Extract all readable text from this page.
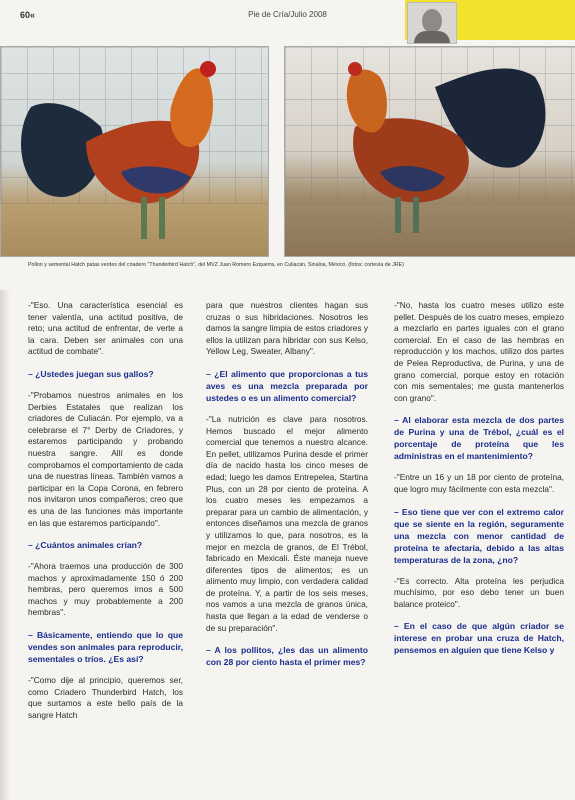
60«	Pie de Cría/Julio 2008
Pollon y semental Hatch patas verdes del criadero "Thunderbird Hatch", del MVZ Juan Romero Ezquerra, en Culiacán, Sinaloa, México. (fotos: cortesía de JRE)

-"Eso. Una característica esencial es tener valentía, una actitud positiva, de reto; una actitud de enfrentar, de verte a la cara. Deben ser animales con una actitud de combate".

– ¿Ustedes juegan sus gallos?

-"Probamos nuestros animales en los Derbies Estatales que realizan los criadores de Culiacán. Por ejemplo, va a celebrarse el 7° Derby de Criadores, y estaremos participando y probando nuestra sangre. Allí es donde comprobamos el comportamiento de cada una de nuestras líneas. También vamos a participar en la Copa Corona, en febrero nos invitaron unos compañeros; creo que es una de las funciones más importante en las que estaremos participando".

– ¿Cuántos animales crían?

-"Ahora traemos una producción de 300 machos y aproximadamente 150 ó 200 hembras, pero queremos irnos a 500 machos y muy probablemente a 200 hembras".

– Básicamente, entiendo que lo que vendes son animales para reproducir, sementales o tríos. ¿Es así?

-"Como dije al principio, queremos ser, como Criadero Thunderbird Hatch, los que surtamos a este bello país de la sangre Hatch

para que nuestros clientes hagan sus cruzas o sus hibridaciones. Nosotros les damos la sangre limpia de estos criadores y ellos la utilizan para hibridar con sus Kelso, Yellow Leg, Sweater, Albany".

– ¿El alimento que proporcionas a tus aves es una mezcla preparada por ustedes o es un alimento comercial?

-"La nutrición es clave para nosotros. Hemos buscado el mejor alimento comercial que tenemos a nuestro alcance. En pellet, utilizamos Purina desde el primer día de nacido hasta los cinco meses de edad; luego les damos Entrepelea, Startina Plus, con un 28 por ciento de proteína. A los cuatro meses les empezamos a preparar para un cambio de alimentación, y entonces diseñamos una mezcla de granos y utilizamos lo que, para nosotros, es la mejor en mezcla de granos, de El Trébol, fabricado en Mexicali. Éste maneja nueve diferentes tipos de alimentos; es un alimento muy limpio, con verdadera calidad de proteína. Y, a partir de los seis meses, nos vamos a una mezcla de granos única, hasta que llegan a la edad de venderse o de su preparación".

– A los pollitos, ¿les das un alimento con 28 por ciento hasta el primer mes?

-"No, hasta los cuatro meses utilizo este pellet. Después de los cuatro meses, empiezo a mezclarlo en partes iguales con el grano comercial. En el caso de las hembras en reproducción y los machos, utilizo dos partes de Pelea Reproductiva, de Purina, y una de grano comercial, porque estoy en rotación con mis sementales; me gusta mantenerlos con grano".

– Al elaborar esta mezcla de dos partes de Purina y una de Trébol, ¿cuál es el porcentaje de proteína que les administras en el mantenimiento?

-"Entre un 16 y un 18 por ciento de proteína, que logro muy fácilmente con esta mezcla".

– Eso tiene que ver con el extremo calor que se siente en la región, seguramente una mezcla con menor cantidad de proteína te afectaría, debido a las altas temperaturas de la zona, ¿no?

-"Es correcto. Alta proteína les perjudica muchísimo, por eso debo tener un buen balance proteico".

– En el caso de que algún criador se interese en probar una cruza de Hatch, pensemos en alguien que tiene Kelso y
